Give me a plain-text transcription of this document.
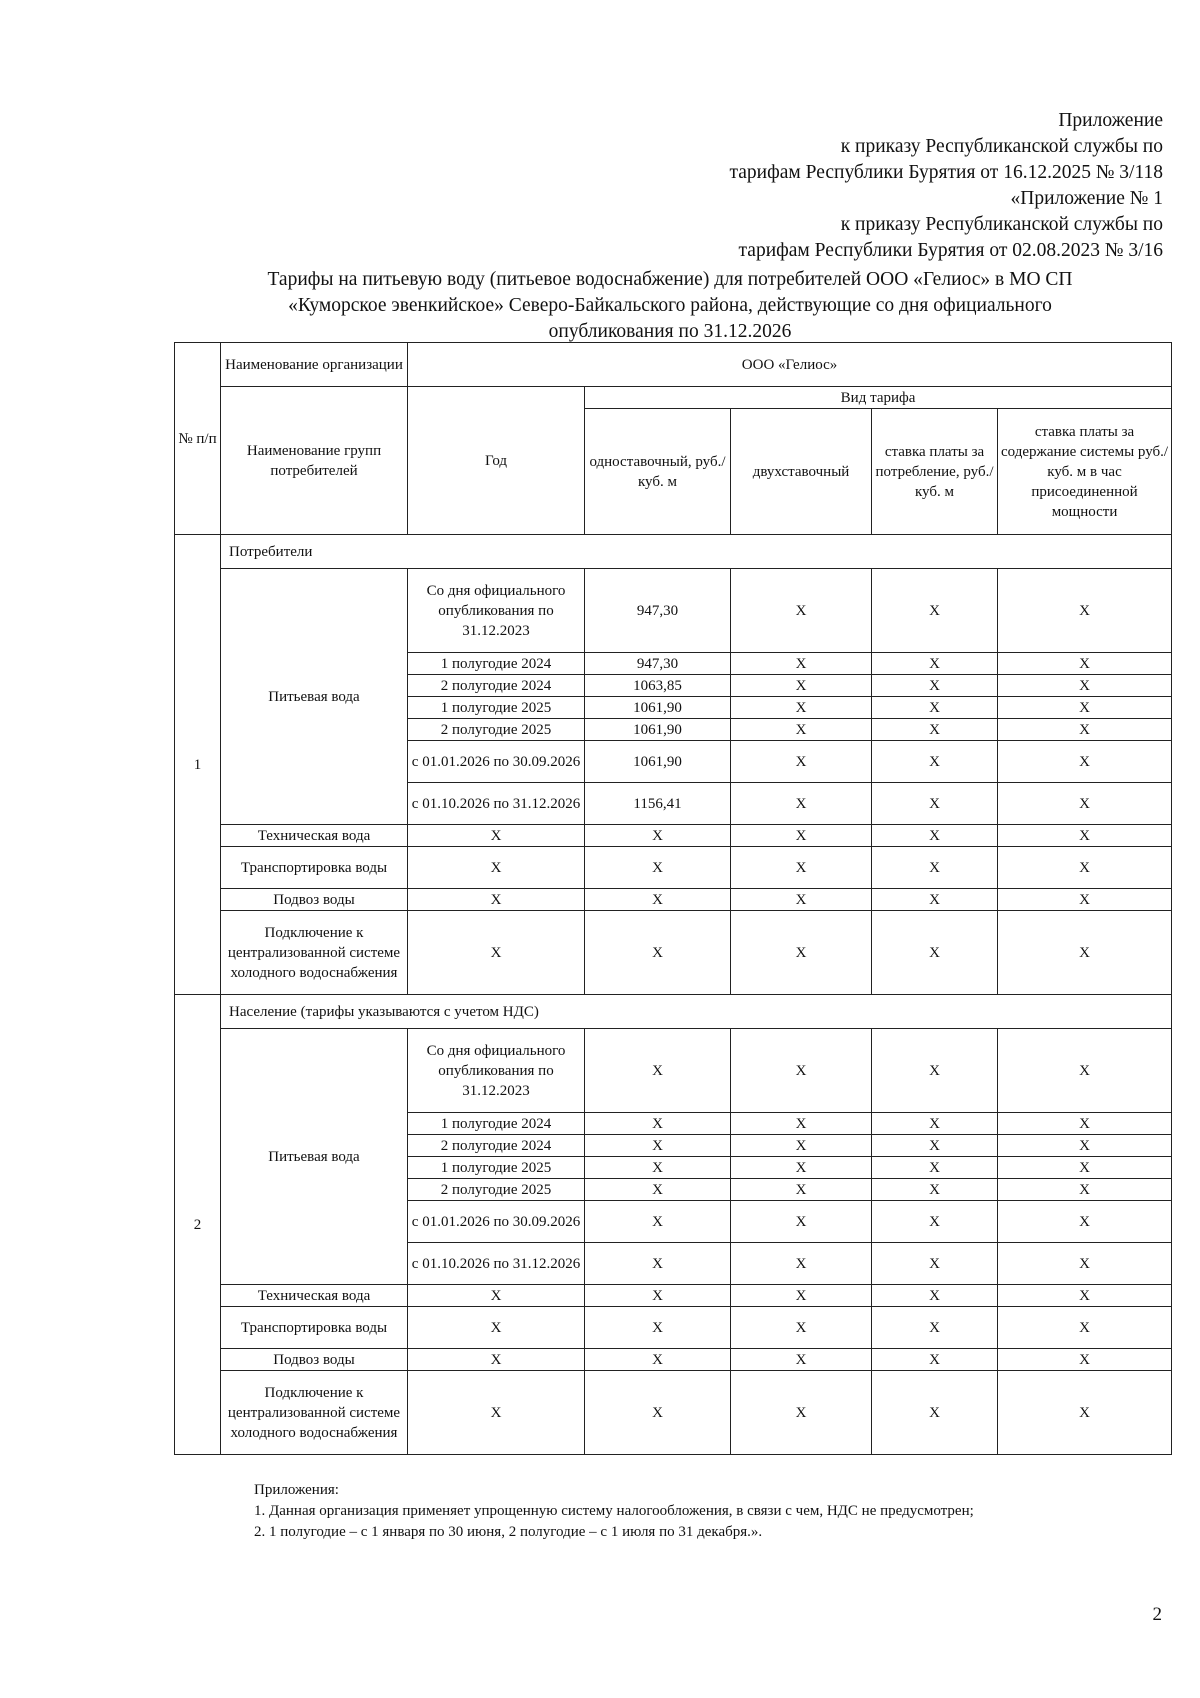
Приложение
к приказу Республиканской службы по
тарифам Республики Бурятия от 16.12.2025 № 3/118
«Приложение № 1
к приказу Республиканской службы по
тарифам Республики Бурятия от 02.08.2023 № 3/16
Тарифы на питьевую воду (питьевое водоснабжение) для потребителей ООО «Гелиос» в МО СП
«Куморское эвенкийское» Северо-Байкальского района, действующие со дня официального
опубликования по 31.12.2026
№ п/п	Наименование организации	ООО «Гелиос»				
	Наименование групп потребителей	Год	Вид тарифа			
			одноставочный, руб./ куб. м	двухставочный	ставка платы за потребление, руб./ куб. м	ставка платы за содержание системы руб./куб. м в час присоединенной мощности
1	Потребители					
	Питьевая вода	Со дня официального опубликования по 31.12.2023	947,30	X	X	X
		1 полугодие 2024	947,30	X	X	X
		2 полугодие 2024	1063,85	X	X	X
		1 полугодие 2025	1061,90	X	X	X
		2 полугодие 2025	1061,90	X	X	X
		с 01.01.2026 по 30.09.2026	1061,90	X	X	X
		с 01.10.2026 по 31.12.2026	1156,41	X	X	X
	Техническая вода	X	X	X	X	X
	Транспортировка воды	X	X	X	X	X
	Подвоз воды	X	X	X	X	X
	Подключение к централизованной системе холодного водоснабжения	X	X	X	X	X
2	Население (тарифы указываются с учетом НДС)					
	Питьевая вода	Со дня официального опубликования по 31.12.2023	X	X	X	X
		1 полугодие 2024	X	X	X	X
		2 полугодие 2024	X	X	X	X
		1 полугодие 2025	X	X	X	X
		2 полугодие 2025	X	X	X	X
		с 01.01.2026 по 30.09.2026	X	X	X	X
		с 01.10.2026 по 31.12.2026	X	X	X	X
	Техническая вода	X	X	X	X	X
	Транспортировка воды	X	X	X	X	X
	Подвоз воды	X	X	X	X	X
	Подключение к централизованной системе холодного водоснабжения	X	X	X	X	X
Приложения:
1. Данная организация применяет упрощенную систему налогообложения, в связи с чем, НДС не предусмотрен;
2. 1 полугодие – с 1 января по 30 июня, 2 полугодие – с 1 июля по 31 декабря.».
2
